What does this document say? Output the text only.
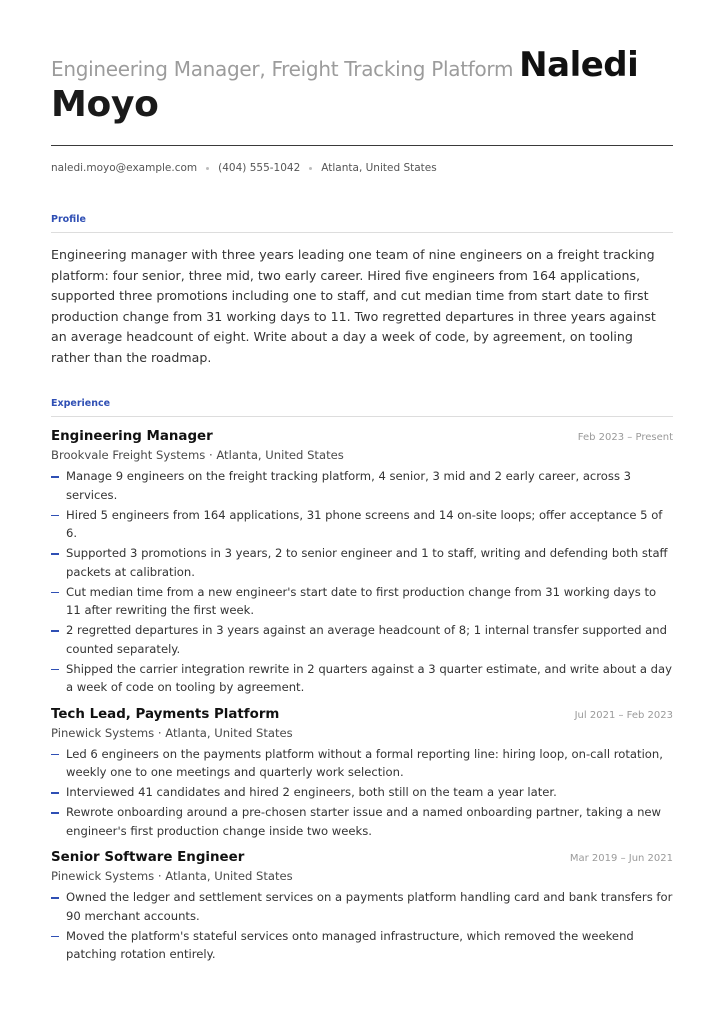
Engineering Manager, Freight Tracking Platform Naledi
Moyo
naledi.moyo@example.com (404) 555-1042 Atlanta, United States
Profile

Engineering manager with three years leading one team of nine engineers on a freight tracking platform: four senior, three mid, two early career. Hired five engineers from 164 applications, supported three promotions including one to staff, and cut median time from start date to first production change from 31 working days to 11. Two regretted departures in three years against an average headcount of eight. Write about a day a week of code, by agreement, on tooling rather than the roadmap.

Experience
Engineering Manager	Feb 2023 – Present
Brookvale Freight Systems · Atlanta, United States
Manage 9 engineers on the freight tracking platform, 4 senior, 3 mid and 2 early career, across 3 services.
Hired 5 engineers from 164 applications, 31 phone screens and 14 on-site loops; offer acceptance 5 of 6.
Supported 3 promotions in 3 years, 2 to senior engineer and 1 to staff, writing and defending both staff packets at calibration.
Cut median time from a new engineer's start date to first production change from 31 working days to 11 after rewriting the first week.
2 regretted departures in 3 years against an average headcount of 8; 1 internal transfer supported and counted separately.
Shipped the carrier integration rewrite in 2 quarters against a 3 quarter estimate, and write about a day a week of code on tooling by agreement.
Tech Lead, Payments Platform	Jul 2021 – Feb 2023
Pinewick Systems · Atlanta, United States
Led 6 engineers on the payments platform without a formal reporting line: hiring loop, on-call rotation, weekly one to one meetings and quarterly work selection.
Interviewed 41 candidates and hired 2 engineers, both still on the team a year later.
Rewrote onboarding around a pre-chosen starter issue and a named onboarding partner, taking a new engineer's first production change inside two weeks.
Senior Software Engineer	Mar 2019 – Jun 2021
Pinewick Systems · Atlanta, United States
Owned the ledger and settlement services on a payments platform handling card and bank transfers for 90 merchant accounts.
Moved the platform's stateful services onto managed infrastructure, which removed the weekend patching rotation entirely.
